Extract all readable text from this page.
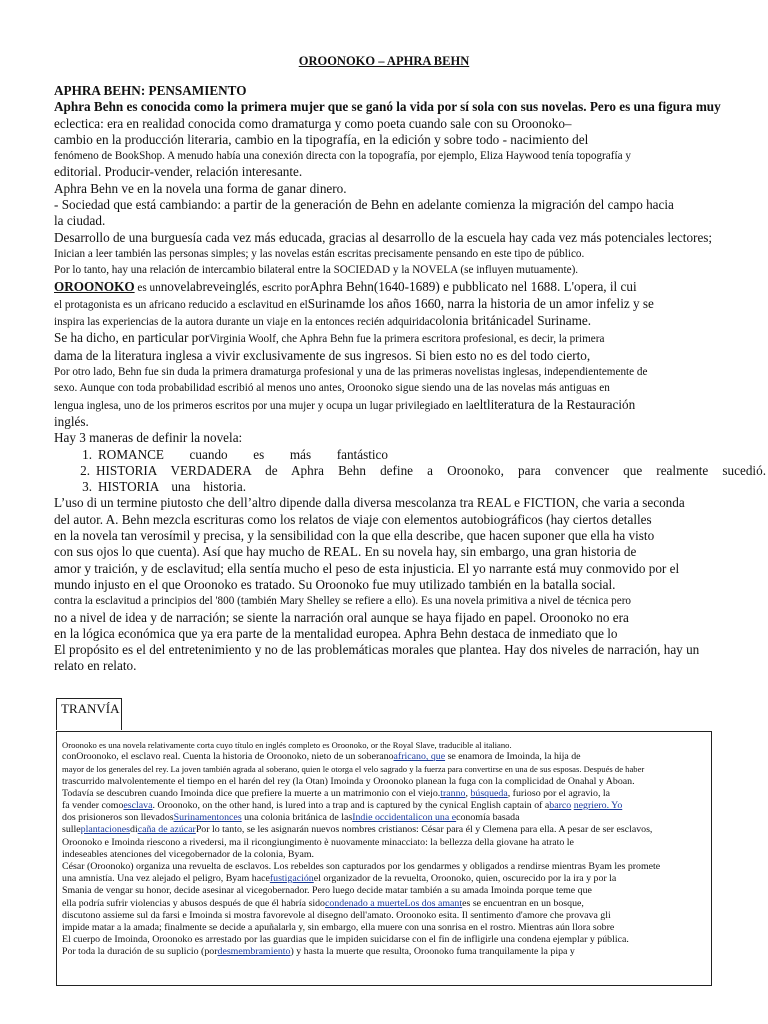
OROONOKO – APHRA BEHN
APHRA BEHN: PENSAMIENTO
Aphra Behn es conocida como la primera mujer que se ganó la vida por sí sola con sus novelas. Pero es una figura muy
eclectica: era en realidad conocida como dramaturga y como poeta cuando sale con su Oroonoko–
cambio en la producción literaria, cambio en la tipografía, en la edición y sobre todo - nacimiento del
fenómeno de BookShop. A menudo había una conexión directa con la topografía, por ejemplo, Eliza Haywood tenía topografía y
editorial. Producir-vender, relación interesante.
Aphra Behn ve en la novela una forma de ganar dinero.
- Sociedad que está cambiando: a partir de la generación de Behn en adelante comienza la migración del campo hacia
la ciudad.
Desarrollo de una burguesía cada vez más educada, gracias al desarrollo de la escuela hay cada vez más potenciales lectores;
Inician a leer también las personas simples; y las novelas están escritas precisamente pensando en este tipo de público.
Por lo tanto, hay una relación de intercambio bilateral entre la SOCIEDAD y la NOVELA (se influyen mutuamente).
OROONOKO es unnovelabreveinglés, escrito porAphra Behn(1640-1689) e pubblicato nel 1688. L'opera, il cui
el protagonista es un africano reducido a esclavitud en elSurinamde los años 1660, narra la historia de un amor infeliz y se
inspira las experiencias de la autora durante un viaje en la entonces recién adquiridacolonia británicadel Suriname.
Se ha dicho, en particular porVirginia Woolf, che Aphra Behn fue la primera escritora profesional, es decir, la primera
dama de la literatura inglesa a vivir exclusivamente de sus ingresos. Si bien esto no es del todo cierto,
Por otro lado, Behn fue sin duda la primera dramaturga profesional y una de las primeras novelistas inglesas, independientemente de
sexo. Aunque con toda probabilidad escribió al menos uno antes, Oroonoko sigue siendo una de las novelas más antiguas en
lengua inglesa, uno de los primeros escritos por una mujer y ocupa un lugar privilegiado en laeltliteratura de la Restauración
inglés.
Hay 3 maneras de definir la novela:
1. ROMANCE cuando es más fantástico
2. HISTORIA VERDADERA de Aphra Behn define a Oroonoko, para convencer que realmente sucedió.
3. HISTORIA una historia.
L’uso di un termine piutosto che dell’altro dipende dalla diversa mescolanza tra REAL e FICTION, che varia a seconda
del autor. A. Behn mezcla escrituras como los relatos de viaje con elementos autobiográficos (hay ciertos detalles
en la novela tan verosímil y precisa, y la sensibilidad con la que ella describe, que hacen suponer que ella ha visto
con sus ojos lo que cuenta). Así que hay mucho de REAL. En su novela hay, sin embargo, una gran historia de
amor y traición, y de esclavitud; ella sentía mucho el peso de esta injusticia. El yo narrante está muy conmovido por el
mundo injusto en el que Oroonoko es tratado. Su Oroonoko fue muy utilizado también en la batalla social.
contra la esclavitud a principios del '800 (también Mary Shelley se refiere a ello). Es una novela primitiva a nivel de técnica pero
no a nivel de idea y de narración; se siente la narración oral aunque se haya fijado en papel. Oroonoko no era
en la lógica económica que ya era parte de la mentalidad europea. Aphra Behn destaca de inmediato que lo
El propósito es el del entretenimiento y no de las problemáticas morales que plantea. Hay dos niveles de narración, hay un
relato en relato.
TRANVÍA
Oroonoko es una novela relativamente corta cuyo título en inglés completo es Oroonoko, or the Royal Slave, traducible al italiano.
conOroonoko, el esclavo real. Cuenta la historia de Oroonoko, nieto de un soberanoafricano, que se enamora de Imoinda, la hija de
mayor de los generales del rey. La joven también agrada al soberano, quien le otorga el velo sagrado y la fuerza para convertirse en una de sus esposas. Después de haber
trascurrido malvolentemente el tiempo en el harén del rey (la Otan) Imoinda y Oroonoko planean la fuga con la complicidad de Onahal y Aboan.
Todavía se descubren cuando Imoinda dice que prefiere la muerte a un matrimonio con el viejo.tranno, búsqueda, furioso por el agravio, la
fa vender comoesclava. Oroonoko, on the other hand, is lured into a trap and is captured by the cynical English captain of abarco negriero. Yo
dos prisioneros son llevadosSurinamentonces una colonia británica de lasIndie occidentalicon una economía basada
sulleplantacionesdicaña de azúcarPor lo tanto, se les asignarán nuevos nombres cristianos: César para él y Clemena para ella. A pesar de ser esclavos,
Oroonoko e Imoinda riescono a rivedersi, ma il ricongiungimento è nuovamente minacciato: la bellezza della giovane ha atrato le
indeseables atenciones del vicegobernador de la colonia, Byam.
César (Oroonoko) organiza una revuelta de esclavos. Los rebeldes son capturados por los gendarmes y obligados a rendirse mientras Byam les promete
una amnistía. Una vez alejado el peligro, Byam hacefustigaciónel organizador de la revuelta, Oroonoko, quien, oscurecido por la ira y por la
Smania de vengar su honor, decide asesinar al vicegobernador. Pero luego decide matar también a su amada Imoinda porque teme que
ella podría sufrir violencias y abusos después de que él habría sidocondenado a muerteLos dos amantes se encuentran en un bosque,
discutono assieme sul da farsi e Imoinda si mostra favorevole al disegno dell'amato. Oroonoko esita. Il sentimento d'amore che provava gli
impide matar a la amada; finalmente se decide a apuñalarla y, sin embargo, ella muere con una sonrisa en el rostro. Mientras aún llora sobre
El cuerpo de Imoinda, Oroonoko es arrestado por las guardias que le impiden suicidarse con el fin de infligirle una condena ejemplar y pública.
Por toda la duración de su suplicio (pordesmembramiento) y hasta la muerte que resulta, Oroonoko fuma tranquilamente la pipa y
